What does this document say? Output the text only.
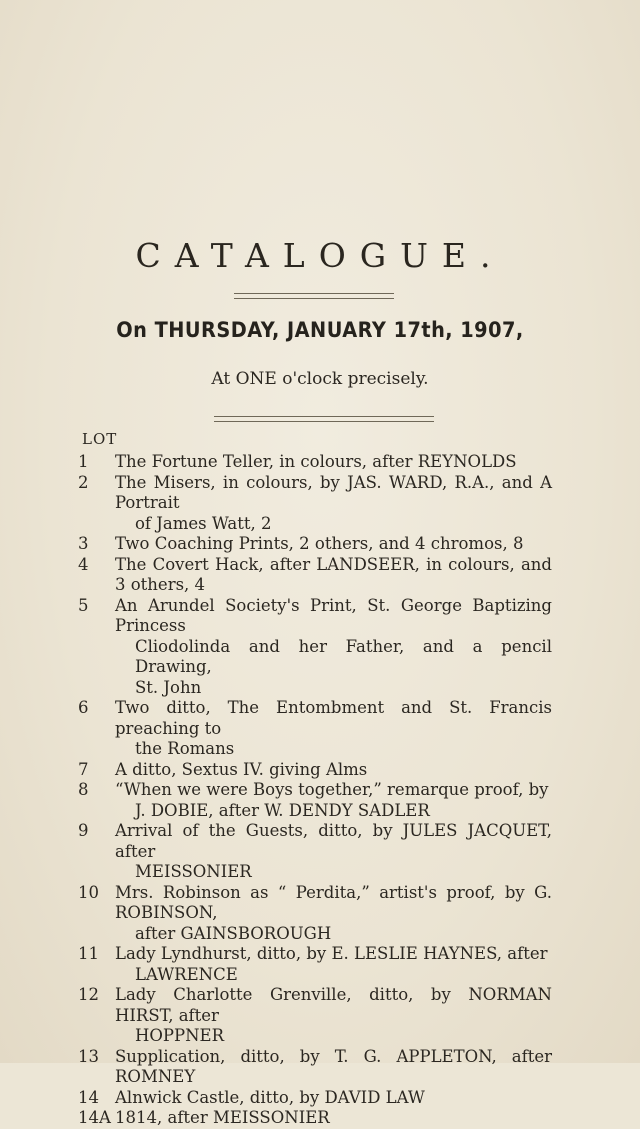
CATALOGUE.
On THURSDAY, JANUARY 17th, 1907,
At ONE o'clock precisely.
LOT
1	The Fortune Teller, in colours, after REYNOLDS
2	The Misers, in colours, by JAS. WARD, R.A., and A Portrait
of James Watt, 2
3	Two Coaching Prints, 2 others, and 4 chromos, 8
4	The Covert Hack, after LANDSEER, in colours, and 3 others, 4
5	An Arundel Society's Print, St. George Baptizing Princess
Cliodolinda and her Father, and a pencil Drawing,
St. John
6	Two ditto, The Entombment and St. Francis preaching to
the Romans
7	A ditto, Sextus IV. giving Alms
8	“When we were Boys together,” remarque proof, by
J. DOBIE, after W. DENDY SADLER
9	Arrival of the Guests, ditto, by JULES JACQUET, after
MEISSONIER
10 Mrs. Robinson as “ Perdita,” artist's proof, by G. ROBINSON,
after GAINSBOROUGH
11 Lady Lyndhurst, ditto, by E. LESLIE HAYNES, after
LAWRENCE
12 Lady Charlotte Grenville, ditto, by NORMAN HIRST, after
HOPPNER
13 Supplication, ditto, by T. G. APPLETON, after ROMNEY
14 Alnwick Castle, ditto, by DAVID LAW
14A 1814, after MEISSONIER
